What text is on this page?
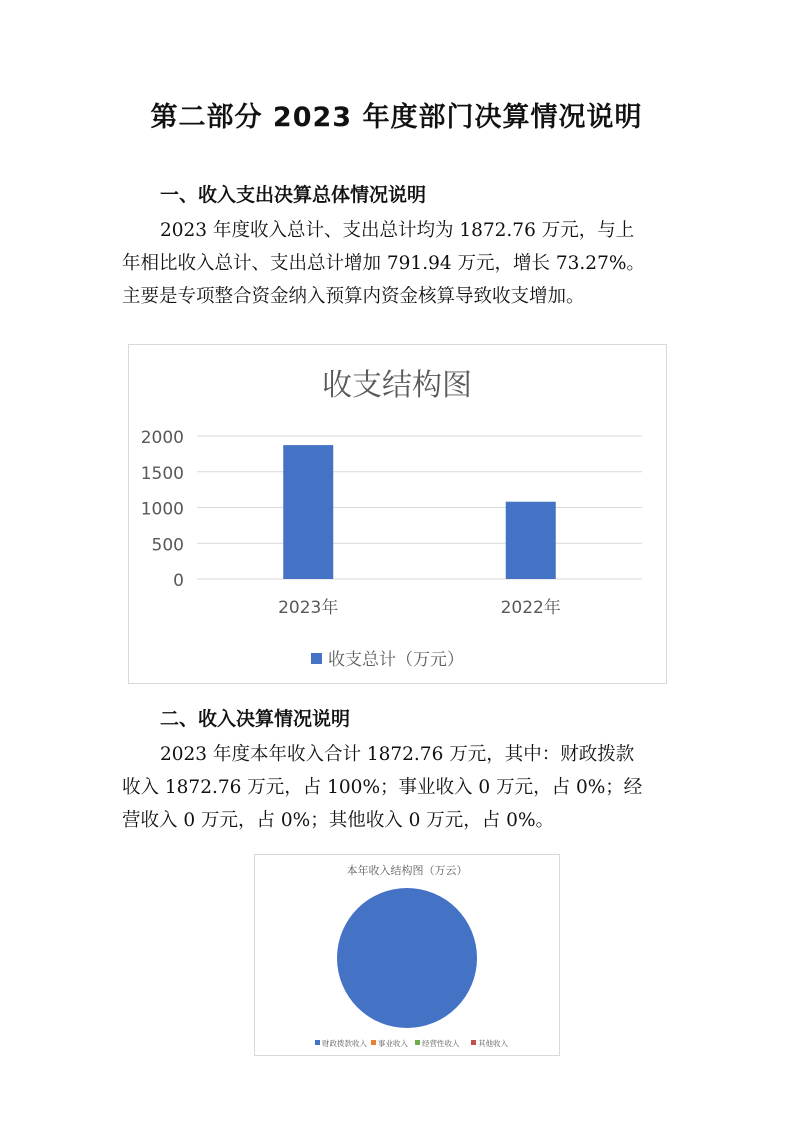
第二部分 2023 年度部门决算情况说明
一、收入支出决算总体情况说明
2023 年度收入总计、支出总计均为 1872.76 万元，与上
年相比收入总计、支出总计增加 791.94 万元，增长 73.27%。
主要是专项整合资金纳入预算内资金核算导致收支增加。
收支结构图
0
500
1000
1500
2000
2023年	2022年
收支总计（万元）
二、收入决算情况说明
2023 年度本年收入合计 1872.76 万元，其中：财政拨款
收入 1872.76 万元，占 100%；事业收入 0 万元，占 0%；经
营收入 0 万元，占 0%；其他收入 0 万元，占 0%。
本年收入结构图（万云）
财政拨款收入 事业收入 经营性收入 其他收入
